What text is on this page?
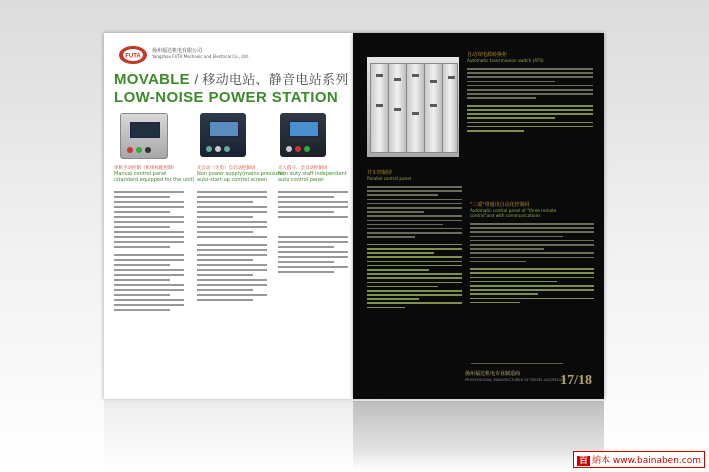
FUTA
扬州福达机电有限公司
Yangzhou FUTA Mechanic and Electrical Co., Ltd.
MOVABLE / 移动电站、静音电站系列
LOW-NOISE POWER STATION
单机手动控制（机组标配控制）
Manual control panel
(standard equipped for the unit)
无自动（失电）自启动控制屏
Non power supply(mains pressure)
auto-start-up control screen
无人值守、全自动控制屏
Non duty staff independent
auto control panel
自动双电源转换柜
Automatic transmission switch (ATS)
并车控制屏
Parallel control panel
"三遥"带通讯自动化控制屏
Automatic control panel of "three remote
control"and with communications
扬州福达机电专业制造商
PROFESSIONAL MANUFACTURER OF DIESEL AGGREGATE
17/18
百 納本 www.bainaben.com
